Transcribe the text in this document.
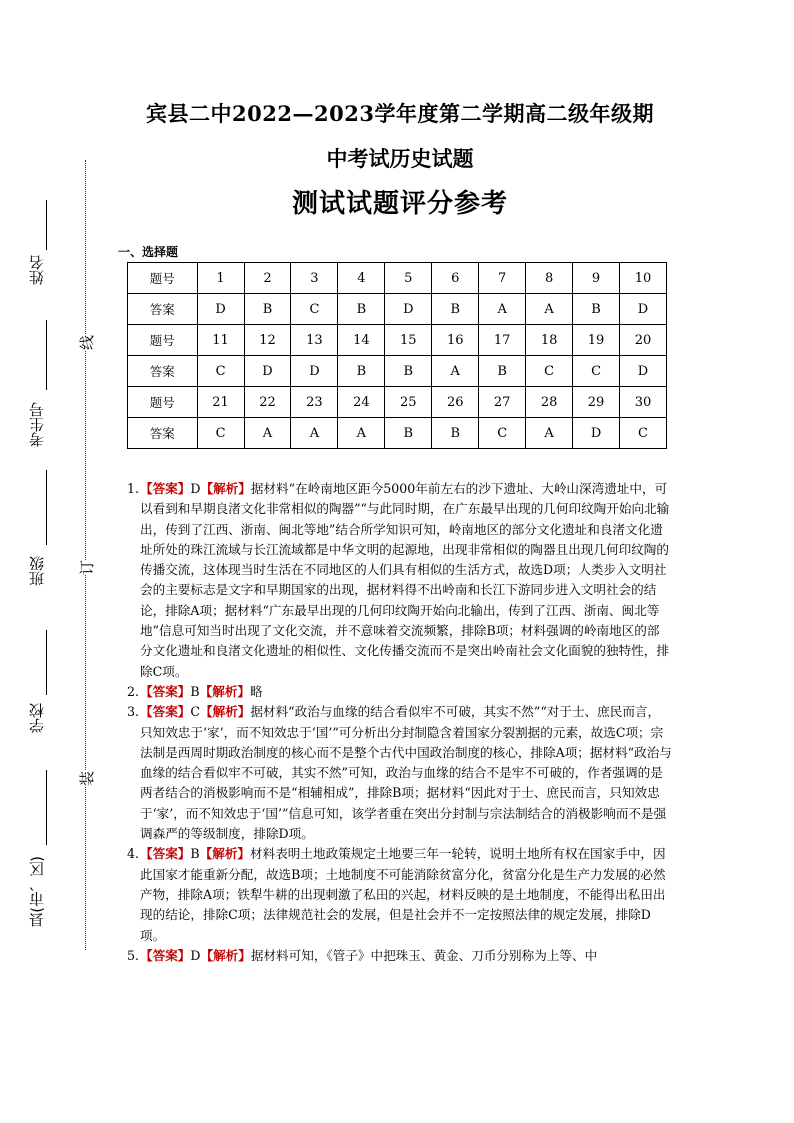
姓名
考生号
班级
学校
县(市、区)
线
订
装
宾县二中2022—2023学年度第二学期高二级年级期
中考试历史试题
测试试题评分参考
一、选择题
题号	1	2	3	4	5	6	7	8	9	10
答案	D	B	C	B	D	B	A	A	B	D
题号	11	12	13	14	15	16	17	18	19	20
答案	C	D	D	B	B	A	B	C	C	D
题号	21	22	23	24	25	26	27	28	29	30
答案	C	A	A	A	B	B	C	A	D	C
1. 【答案】D【解析】据材料“在岭南地区距今5000年前左右的沙下遗址、大岭山深湾遗址中，可以看到和早期良渚文化非常相似的陶器”“与此同时期，在广东最早出现的几何印纹陶开始向北输出，传到了江西、浙南、闽北等地”结合所学知识可知，岭南地区的部分文化遗址和良渚文化遗址所处的珠江流域与长江流域都是中华文明的起源地，出现非常相似的陶器且出现几何印纹陶的传播交流，这体现当时生活在不同地区的人们具有相似的生活方式，故选D项；人类步入文明社会的主要标志是文字和早期国家的出现，据材料得不出岭南和长江下游同步进入文明社会的结论，排除A项；据材料“广东最早出现的几何印纹陶开始向北输出，传到了江西、浙南、闽北等地”信息可知当时出现了文化交流，并不意味着交流频繁，排除B项；材料强调的岭南地区的部分文化遗址和良渚文化遗址的相似性、文化传播交流而不是突出岭南社会文化面貌的独特性，排除C项。
2. 【答案】B【解析】略
3. 【答案】C【解析】据材料“政治与血缘的结合看似牢不可破，其实不然”“对于士、庶民而言，只知效忠于‘家’，而不知效忠于‘国’”可分析出分封制隐含着国家分裂割据的元素，故选C项；宗法制是西周时期政治制度的核心而不是整个古代中国政治制度的核心，排除A项；据材料“政治与血缘的结合看似牢不可破，其实不然”可知，政治与血缘的结合不是牢不可破的，作者强调的是两者结合的消极影响而不是“相辅相成”，排除B项；据材料“因此对于士、庶民而言，只知效忠于‘家’，而不知效忠于‘国’”信息可知，该学者重在突出分封制与宗法制结合的消极影响而不是强调森严的等级制度，排除D项。
4. 【答案】B【解析】材料表明土地政策规定土地要三年一轮转，说明土地所有权在国家手中，因此国家才能重新分配，故选B项；土地制度不可能消除贫富分化，贫富分化是生产力发展的必然产物，排除A项；铁犁牛耕的出现刺激了私田的兴起，材料反映的是土地制度，不能得出私田出现的结论，排除C项；法律规范社会的发展，但是社会并不一定按照法律的规定发展，排除D项。
5. 【答案】D【解析】据材料可知，《管子》中把珠玉、黄金、刀币分别称为上等、中
